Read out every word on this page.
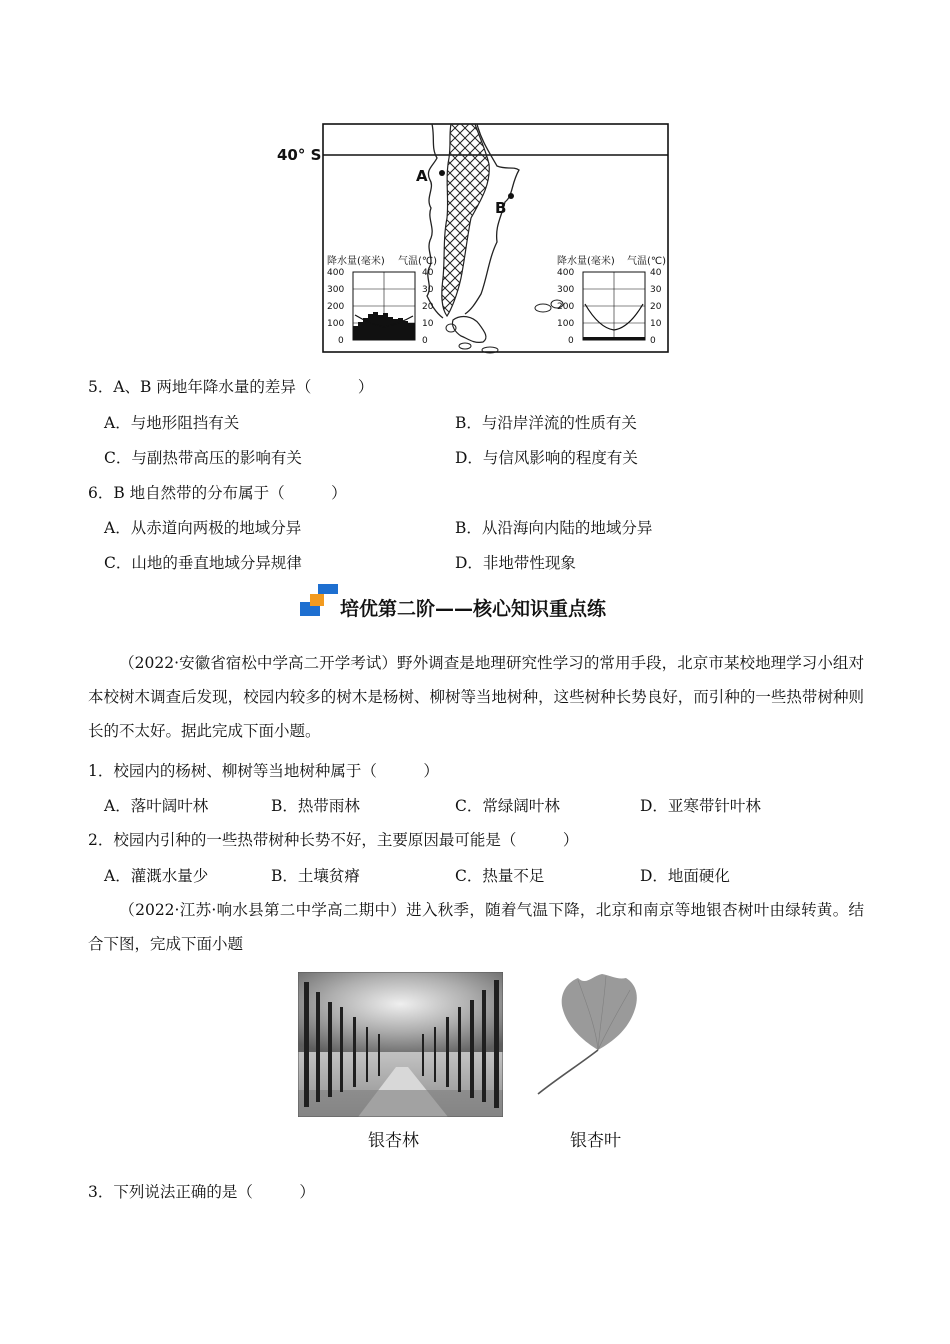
40° S
A
B
降水量(毫米) 气温(℃)
400
300
200
100
0
40
30
20
10
0
降水量(毫米) 气温(℃)
400
300
200
100
0
40
30
20
10
0
5．A、B 两地年降水量的差异（　　　）
A．与地形阻挡有关	B．与沿岸洋流的性质有关
C．与副热带高压的影响有关	D．与信风影响的程度有关
6．B 地自然带的分布属于（　　　）
A．从赤道向两极的地域分异	B．从沿海向内陆的地域分异
C．山地的垂直地域分异规律	D．非地带性现象
培优第二阶——核心知识重点练
（2022·安徽省宿松中学高二开学考试）野外调查是地理研究性学习的常用手段，北京市某校地理学习小组对本校树木调查后发现，校园内较多的树木是杨树、柳树等当地树种，这些树种长势良好，而引种的一些热带树种则长的不太好。据此完成下面小题。
1．校园内的杨树、柳树等当地树种属于（　　　）
A．落叶阔叶林	B．热带雨林	C．常绿阔叶林	D．亚寒带针叶林
2．校园内引种的一些热带树种长势不好，主要原因最可能是（　　　）
A．灌溉水量少	B．土壤贫瘠	C．热量不足	D．地面硬化
（2022·江苏·响水县第二中学高二期中）进入秋季，随着气温下降，北京和南京等地银杏树叶由绿转黄。结合下图，完成下面小题
银杏林	银杏叶
3．下列说法正确的是（　　　）
